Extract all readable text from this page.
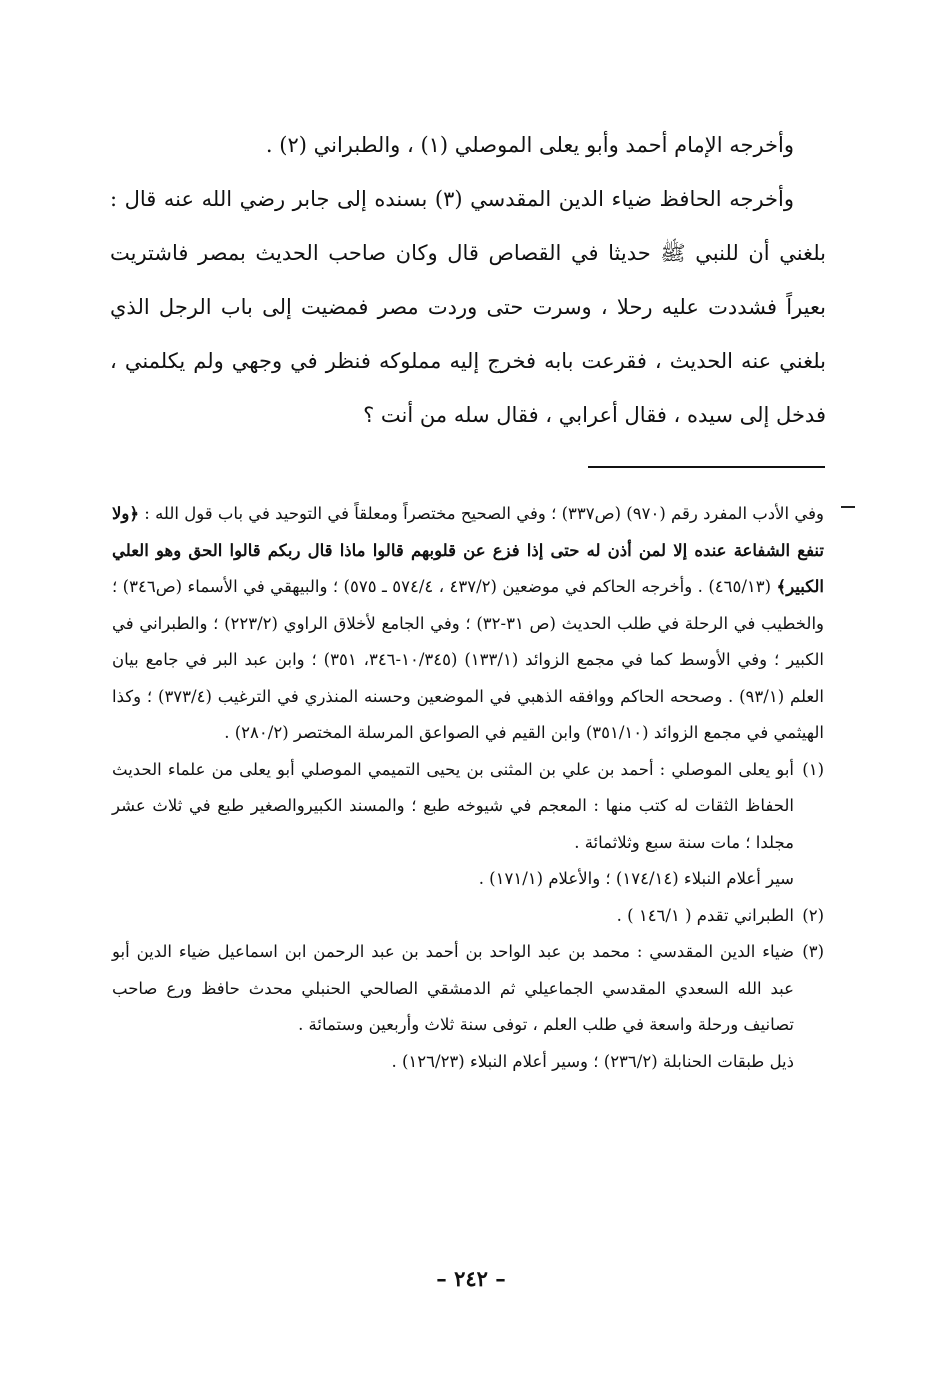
وأخرجه الإمام أحمد وأبو يعلى الموصلي (١) ، والطبراني (٢) .

وأخرجه الحافظ ضياء الدين المقدسي (٣) بسنده إلى جابر رضي الله عنه قال : بلغني أن للنبي ﷺ حديثا في القصاص قال وكان صاحب الحديث بمصر فاشتريت بعيراً فشددت عليه رحلا ، وسرت حتى وردت مصر فمضيت إلى باب الرجل الذي بلغني عنه الحديث ، فقرعت بابه فخرج إليه مملوكه فنظر في وجهي ولم يكلمني ، فدخل إلى سيده ، فقال أعرابي ، فقال سله من أنت ؟

وفي الأدب المفرد رقم (٩٧٠) (ص٣٣٧) ؛ وفي الصحيح مختصراً ومعلقاً في التوحيد في باب قول الله : ﴿ولا تنفع الشفاعة عنده إلا لمن أذن له حتى إذا فزع عن قلوبهم قالوا ماذا قال ربكم قالوا الحق وهو العلي الكبير﴾ (٤٦٥/١٣) . وأخرجه الحاكم في موضعين (٤٣٧/٢ ، ٥٧٤/٤ ـ ٥٧٥) ؛ والبيهقي في الأسماء (ص٣٤٦) ؛ والخطيب في الرحلة في طلب الحديث (ص ٣١-٣٢) ؛ وفي الجامع لأخلاق الراوي (٢٢٣/٢) ؛ والطبراني في الكبير ؛ وفي الأوسط كما في مجمع الزوائد (١٣٣/١) (١٠/٣٤٥-٣٤٦، ٣٥١) ؛ وابن عبد البر في جامع بيان العلم (٩٣/١) . وصححه الحاكم ووافقه الذهبي في الموضعين وحسنه المنذري في الترغيب (٣٧٣/٤) ؛ وكذا الهيثمي في مجمع الزوائد (٣٥١/١٠) وابن القيم في الصواعق المرسلة المختصر (٢٨٠/٢) .

(١)

أبو يعلى الموصلي : أحمد بن علي بن المثنى بن يحيى التميمي الموصلي أبو يعلى من علماء الحديث الحفاظ الثقات له كتب منها : المعجم في شيوخه طبع ؛ والمسند الكبيروالصغير طبع في ثلاث عشر مجلدا ؛ مات سنة سبع وثلاثمائة .

سير أعلام النبلاء (١٧٤/١٤) ؛ والأعلام (١٧١/١) .

(٢)

الطبراني تقدم ( ١٤٦/١ ) .

(٣)

ضياء الدين المقدسي : محمد بن عبد الواحد بن أحمد بن عبد الرحمن ابن اسماعيل ضياء الدين أبو عبد الله السعدي المقدسي الجماعيلي ثم الدمشقي الصالحي الحنبلي محدث حافظ ورع صاحب تصانيف ورحلة واسعة في طلب العلم ، توفى سنة ثلاث وأربعين وستمائة .

ذيل طبقات الحنابلة (٢٣٦/٢) ؛ وسير أعلام النبلاء (١٢٦/٢٣) .

– ٢٤٢ –
